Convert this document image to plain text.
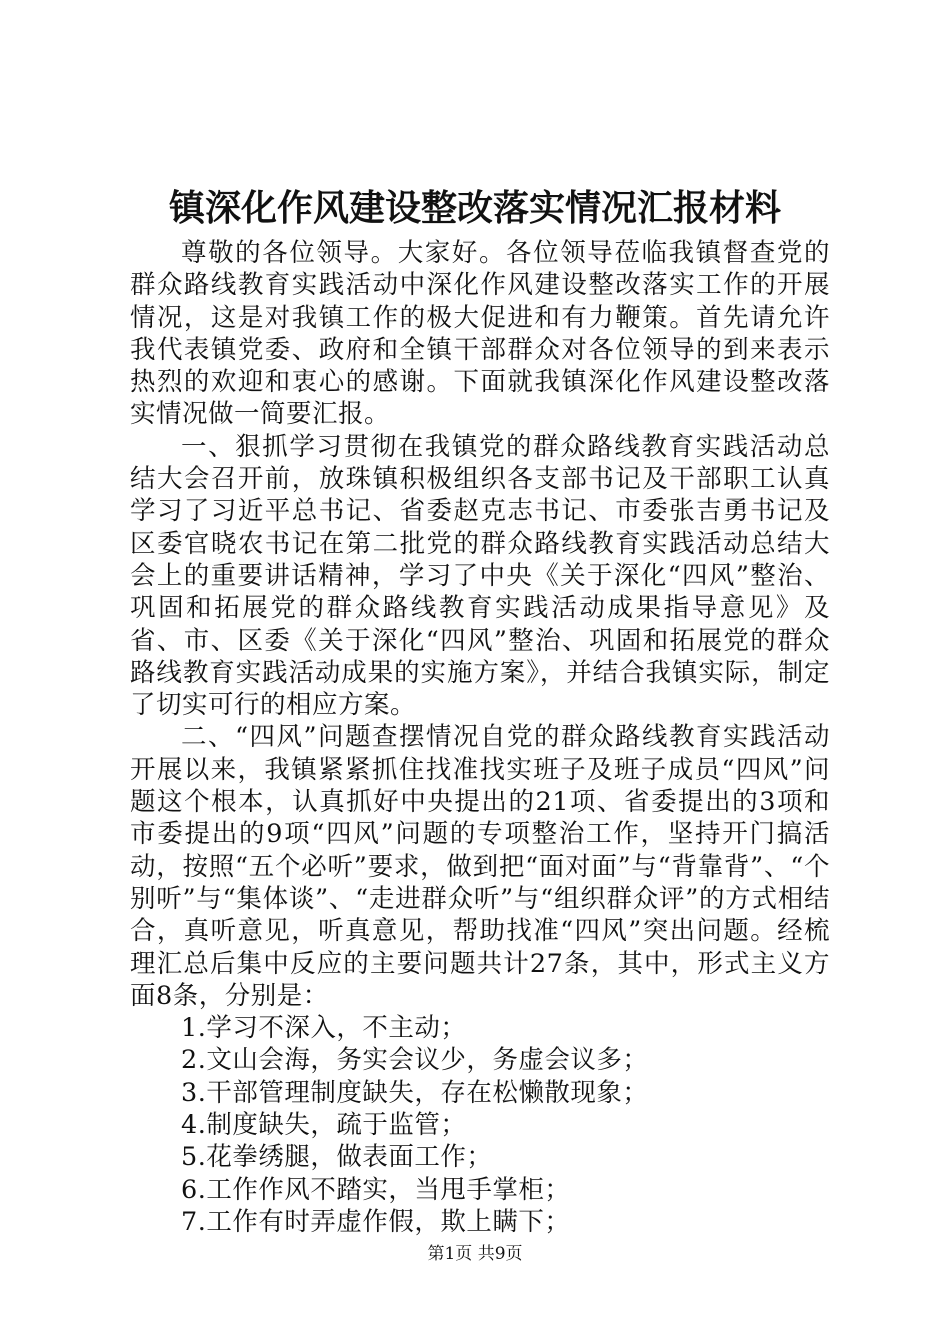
镇深化作风建设整改落实情况汇报材料

尊敬的各位领导。大家好。各位领导莅临我镇督查党的群众路线教育实践活动中深化作风建设整改落实工作的开展情况，这是对我镇工作的极大促进和有力鞭策。首先请允许我代表镇党委、政府和全镇干部群众对各位领导的到来表示热烈的欢迎和衷心的感谢。下面就我镇深化作风建设整改落实情况做一简要汇报。

一、狠抓学习贯彻在我镇党的群众路线教育实践活动总结大会召开前，放珠镇积极组织各支部书记及干部职工认真学习了习近平总书记、省委赵克志书记、市委张吉勇书记及区委官晓农书记在第二批党的群众路线教育实践活动总结大会上的重要讲话精神，学习了中央《关于深化“四风”整治、巩固和拓展党的群众路线教育实践活动成果指导意见》及省、市、区委《关于深化“四风”整治、巩固和拓展党的群众路线教育实践活动成果的实施方案》，并结合我镇实际，制定了切实可行的相应方案。

二、“四风”问题查摆情况自党的群众路线教育实践活动开展以来，我镇紧紧抓住找准找实班子及班子成员“四风”问题这个根本，认真抓好中央提出的21项、省委提出的3项和市委提出的9项“四风”问题的专项整治工作，坚持开门搞活动，按照“五个必听”要求，做到把“面对面”与“背靠背”、“个别听”与“集体谈”、“走进群众听”与“组织群众评”的方式相结合，真听意见，听真意见，帮助找准“四风”突出问题。经梳理汇总后集中反应的主要问题共计27条，其中，形式主义方面8条，分别是：

1.学习不深入，不主动；

2.文山会海，务实会议少，务虚会议多；

3.干部管理制度缺失，存在松懒散现象；

4.制度缺失，疏于监管；

5.花拳绣腿，做表面工作；

6.工作作风不踏实，当甩手掌柜；

7.工作有时弄虚作假，欺上瞒下；

第1页 共9页
